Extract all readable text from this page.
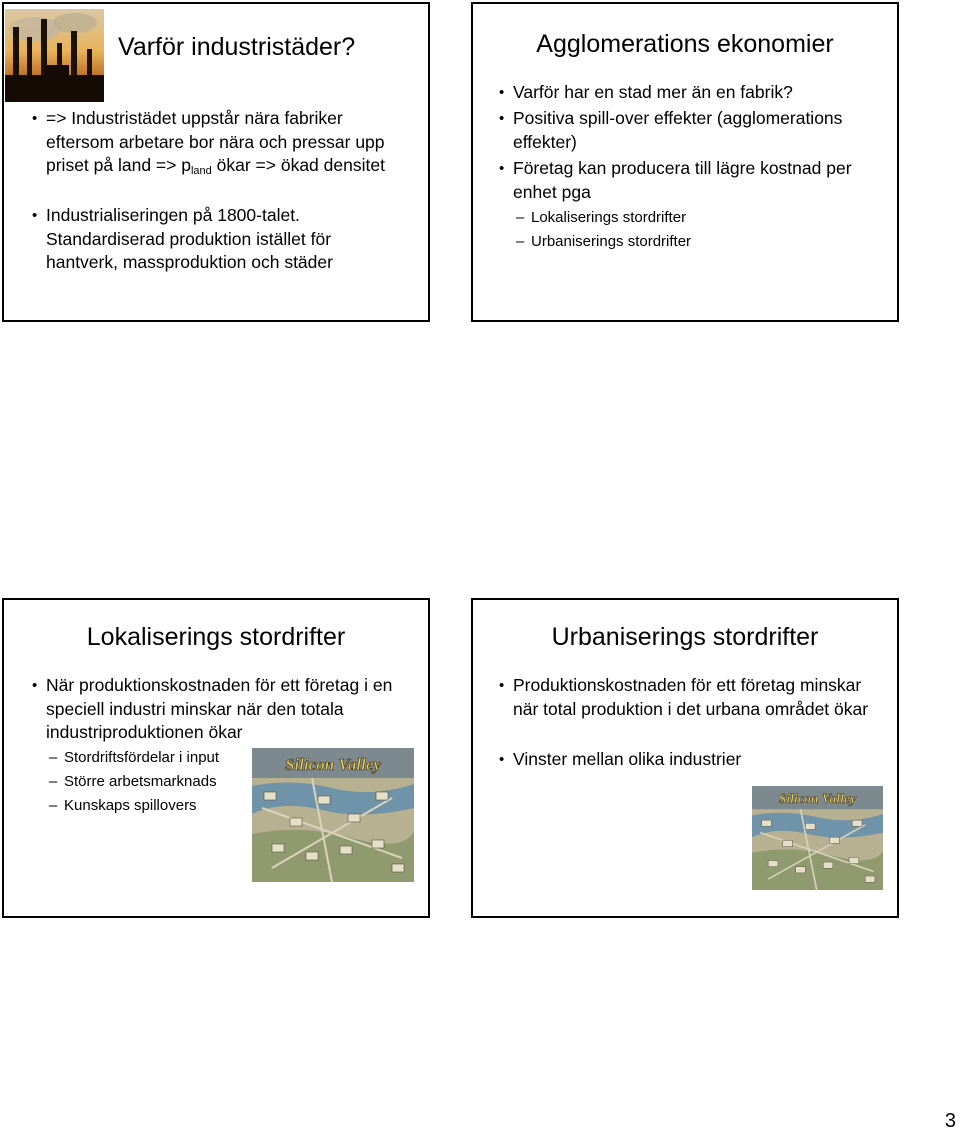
Varför industristäder?
• => Industristädet uppstår nära fabriker eftersom arbetare bor nära och pressar upp priset på land => $p_{land}$ ökar => ökad densitet
• Industrialiseringen på 1800-talet. Standardiserad produktion istället för hantverk, massproduktion och städer
Agglomerations ekonomier
• Varför har en stad mer än en fabrik?
• Positiva spill-over effekter (agglomerations effekter)
• Företag kan producera till lägre kostnad per enhet pga
– Lokaliserings stordrifter
– Urbaniserings stordrifter
Lokaliserings stordrifter
• När produktionskostnaden för ett företag i en speciell industri minskar när den totala industriproduktionen ökar
– Stordriftsfördelar i input
– Större arbetsmarknads
– Kunskaps spillovers
Silicon Valley
Urbaniserings stordrifter
• Produktionskostnaden för ett företag minskar när total produktion i det urbana området ökar
• Vinster mellan olika industrier
Silicon Valley
3
